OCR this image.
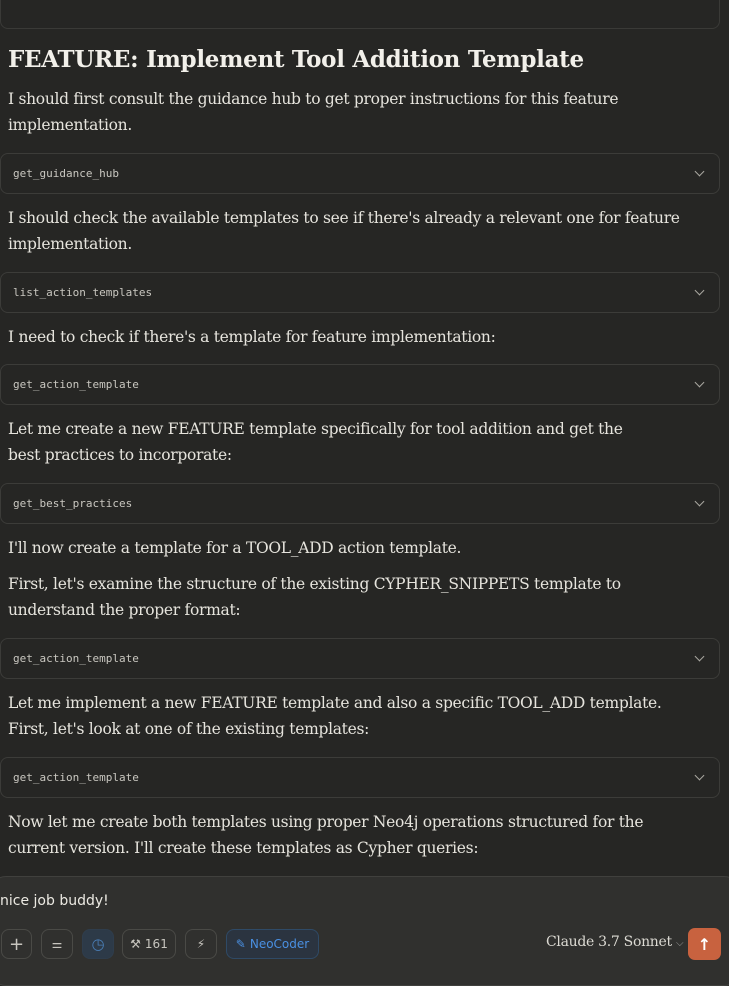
FEATURE: Implement Tool Addition Template
I should first consult the guidance hub to get proper instructions for this feature implementation.
get_guidance_hub
I should check the available templates to see if there's already a relevant one for feature implementation.
list_action_templates
I need to check if there's a template for feature implementation:
get_action_template
Let me create a new FEATURE template specifically for tool addition and get the best practices to incorporate:
get_best_practices
I'll now create a template for a TOOL_ADD action template.
First, let's examine the structure of the existing CYPHER_SNIPPETS template to understand the proper format:
get_action_template
Let me implement a new FEATURE template and also a specific TOOL_ADD template. First, let's look at one of the existing templates:
get_action_template
Now let me create both templates using proper Neo4j operations structured for the current version. I'll create these templates as Cypher queries:
nice job buddy!
+ ⚌ ◷ ⚒ 161 ⚡	✎ NeoCoder	Claude 3.7 Sonnet ⌵ ↑
